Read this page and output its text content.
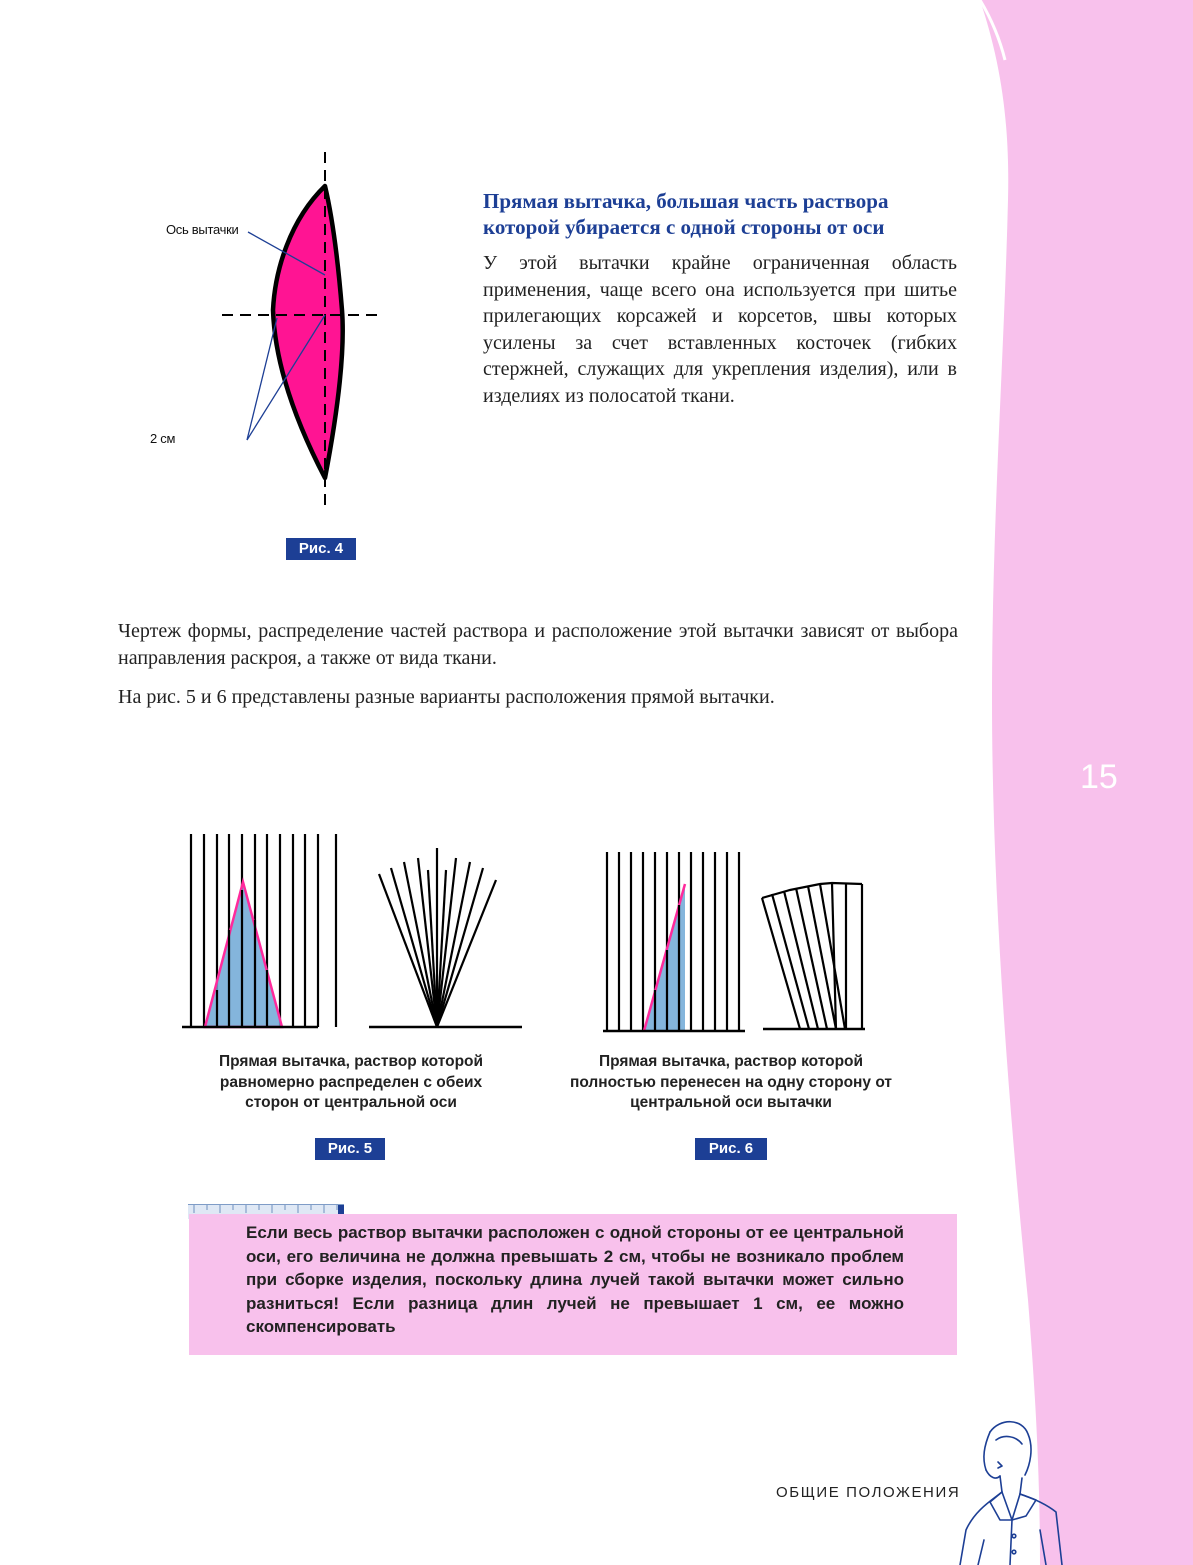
15
Ось вытачки
2 см
Рис. 4
Прямая вытачка, большая часть раствора которой убирается с одной стороны от оси
У этой вытачки крайне ограниченная область применения, чаще всего она используется при шитье прилегающих корсажей и корсетов, швы которых усилены за счет вставленных косточек (гибких стержней, служащих для укрепления изделия), или в изделиях из полосатой ткани.
Чертеж формы, распределение частей раствора и расположение этой вытачки зависят от выбора направления раскроя, а также от вида ткани.
На рис. 5 и 6 представлены разные варианты расположения прямой вытачки.
Прямая вытачка, раствор которой равномерно распределен с обеих сторон от центральной оси
Рис. 5
Прямая вытачка, раствор которой полностью перенесен на одну сторону от центральной оси вытачки
Рис. 6
Если весь раствор вытачки расположен с одной стороны от ее центральной оси, его величина не должна превышать 2 см, чтобы не возникало проблем при сборке изделия, поскольку длина лучей такой вытачки может сильно разниться! Если разница длин лучей не превышает 1 см, ее можно скомпенсировать
ОБЩИЕ ПОЛОЖЕНИЯ
